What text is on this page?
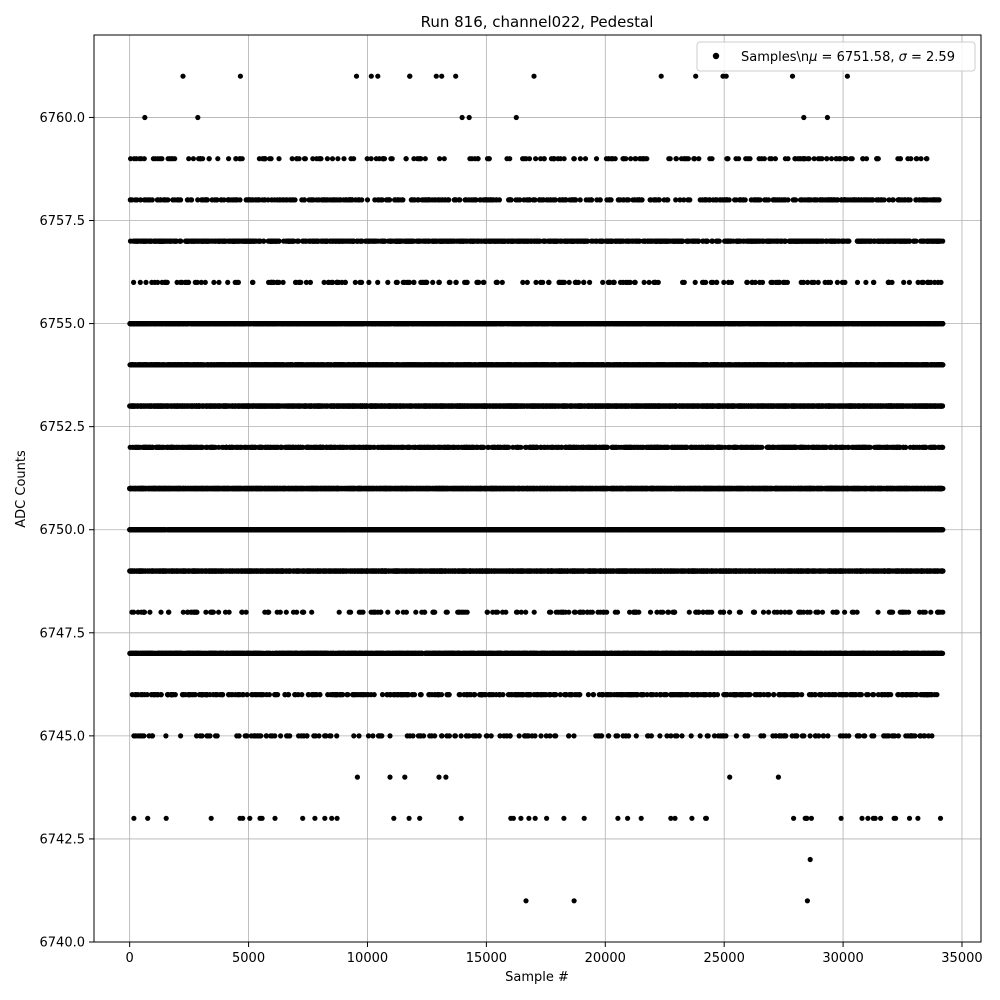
Run 816, channel022, Pedestal
0	5000	10000	15000	20000	25000	30000	35000
6740.0
6742.5
6745.0
6747.5
6750.0
6752.5
6755.0
6757.5
6760.0
Sample #
ADC Counts
Samples\nμ = 6751.58, σ = 2.59
